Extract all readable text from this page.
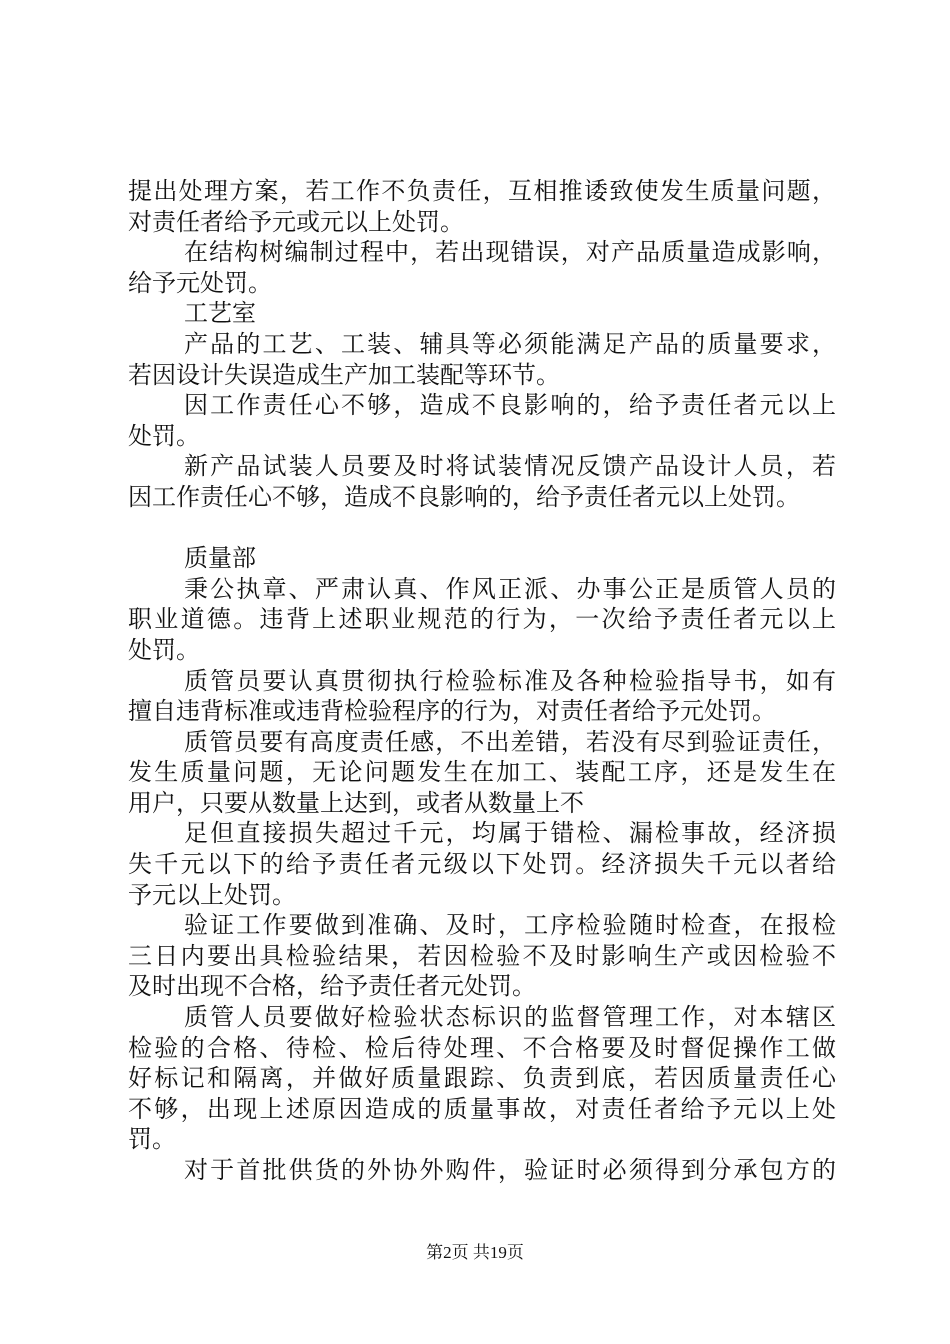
提出处理方案，若工作不负责任，互相推诿致使发生质量问题，
对责任者给予元或元以上处罚。
在结构树编制过程中，若出现错误，对产品质量造成影响，
给予元处罚。
工艺室
产品的工艺、工装、辅具等必须能满足产品的质量要求，
若因设计失误造成生产加工装配等环节。
因工作责任心不够，造成不良影响的，给予责任者元以上
处罚。
新产品试装人员要及时将试装情况反馈产品设计人员，若
因工作责任心不够，造成不良影响的，给予责任者元以上处罚。
质量部
秉公执章、严肃认真、作风正派、办事公正是质管人员的
职业道德。违背上述职业规范的行为，一次给予责任者元以上
处罚。
质管员要认真贯彻执行检验标准及各种检验指导书，如有
擅自违背标准或违背检验程序的行为，对责任者给予元处罚。
质管员要有高度责任感，不出差错，若没有尽到验证责任，
发生质量问题，无论问题发生在加工、装配工序，还是发生在
用户，只要从数量上达到，或者从数量上不
足但直接损失超过千元，均属于错检、漏检事故，经济损
失千元以下的给予责任者元级以下处罚。经济损失千元以者给
予元以上处罚。
验证工作要做到准确、及时，工序检验随时检查，在报检
三日内要出具检验结果，若因检验不及时影响生产或因检验不
及时出现不合格，给予责任者元处罚。
质管人员要做好检验状态标识的监督管理工作，对本辖区
检验的合格、待检、检后待处理、不合格要及时督促操作工做
好标记和隔离，并做好质量跟踪、负责到底，若因质量责任心
不够，出现上述原因造成的质量事故，对责任者给予元以上处
罚。
对于首批供货的外协外购件，验证时必须得到分承包方的
第2页 共19页
